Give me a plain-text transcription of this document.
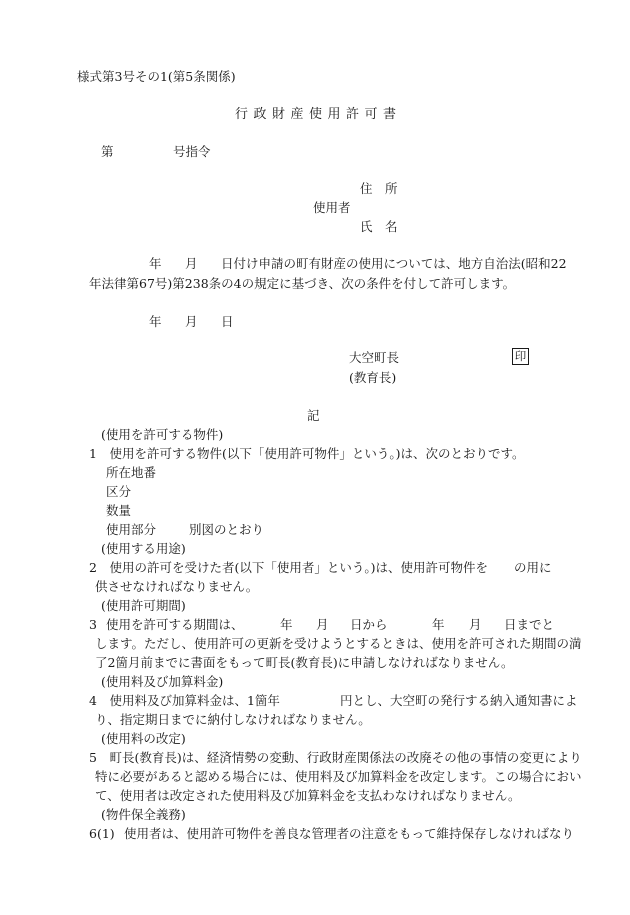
様式第3号その1(第5条関係)
行政財産使用許可書
第	号指令
住　所
使用者
氏　名
年 月 日付け申請の町有財産の使用については、地方自治法(昭和22
年法律第67号)第238条の4の規定に基づき、次の条件を付して許可します。
年 月 日
大空町長	印
(教育長)
記
(使用を許可する物件)
1　使用を許可する物件(以下「使用許可物件」という。)は、次のとおりです。
所在地番
区分
数量
使用部分	別図のとおり
(使用する用途)
2　使用の許可を受けた者(以下「使用者」という。)は、使用許可物件を の用に
供させなければなりません。
(使用許可期間)
3 使用を許可する期間は、	年 月 日から	年 月 日までと
します。ただし、使用許可の更新を受けようとするときは、使用を許可された期間の満
了2箇月前までに書面をもって町長(教育長)に申請しなければなりません。
(使用料及び加算料金)
4　使用料及び加算料金は、1箇年	円とし、大空町の発行する納入通知書によ
り、指定期日までに納付しなければなりません。
(使用料の改定)
5　町長(教育長)は、経済情勢の変動、行政財産関係法の改廃その他の事情の変更により
特に必要があると認める場合には、使用料及び加算料金を改定します。この場合におい
て、使用者は改定された使用料及び加算料金を支払わなければなりません。
(物件保全義務)
6(1) 使用者は、使用許可物件を善良な管理者の注意をもって維持保存しなければなり
